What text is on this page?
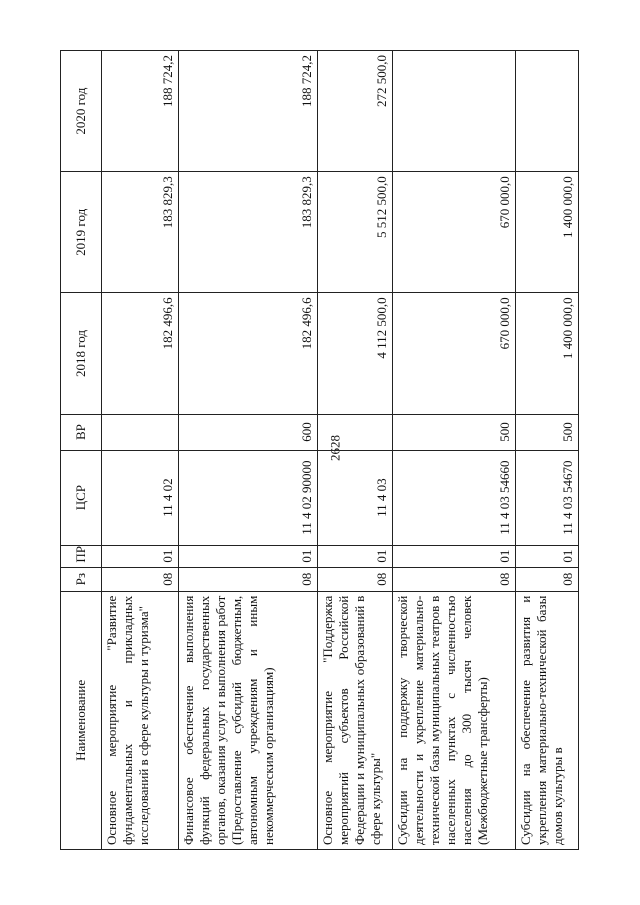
2628
Наименование	Рз	ПР	ЦСР	ВР	2018 год	2019 год	2020 год
Основное мероприятие "Развитие фундаментальных и прикладных исследований в сфере культуры и туризма"	08	01	11 4 02		182 496,6	183 829,3	188 724,2
Финансовое обеспечение выполнения функций федеральных государственных органов, оказания услуг и выполнения работ (Предоставление субсидий бюджетным, автономным учреждениям и иным некоммерческим организациям)	08	01	11 4 02 90000	600	182 496,6	183 829,3	188 724,2
Основное мероприятие "Поддержка мероприятий субъектов Российской Федерации и муниципальных образований в сфере культуры"	08	01	11 4 03		4 112 500,0	5 512 500,0	272 500,0
Субсидии на поддержку творческой деятельности и укрепление материально-технической базы муниципальных театров в населенных пунктах с численностью населения до 300 тысяч человек (Межбюджетные трансферты)	08	01	11 4 03 54660	500	670 000,0	670 000,0	
Субсидии на обеспечение развития и укрепления материально-технической базы домов культуры в	08	01	11 4 03 54670	500	1 400 000,0	1 400 000,0	
